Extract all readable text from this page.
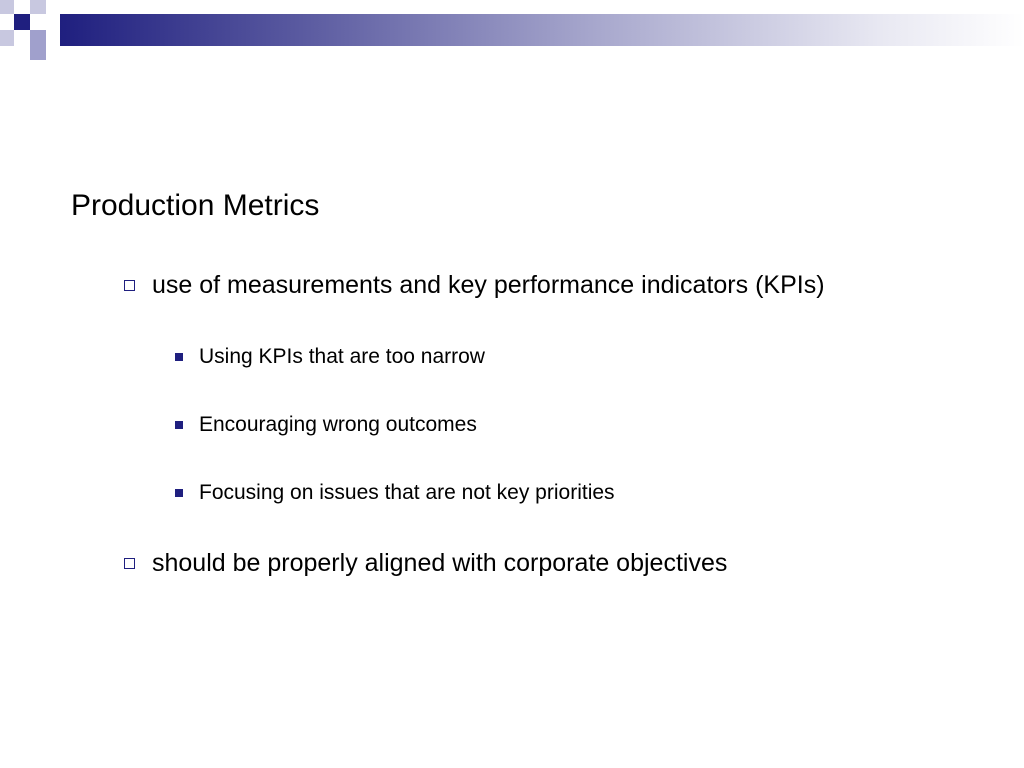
Production Metrics
use of measurements and key performance indicators (KPIs)
Using KPIs that are too narrow
Encouraging wrong outcomes
Focusing on issues that are not key priorities
should be properly aligned with corporate objectives
